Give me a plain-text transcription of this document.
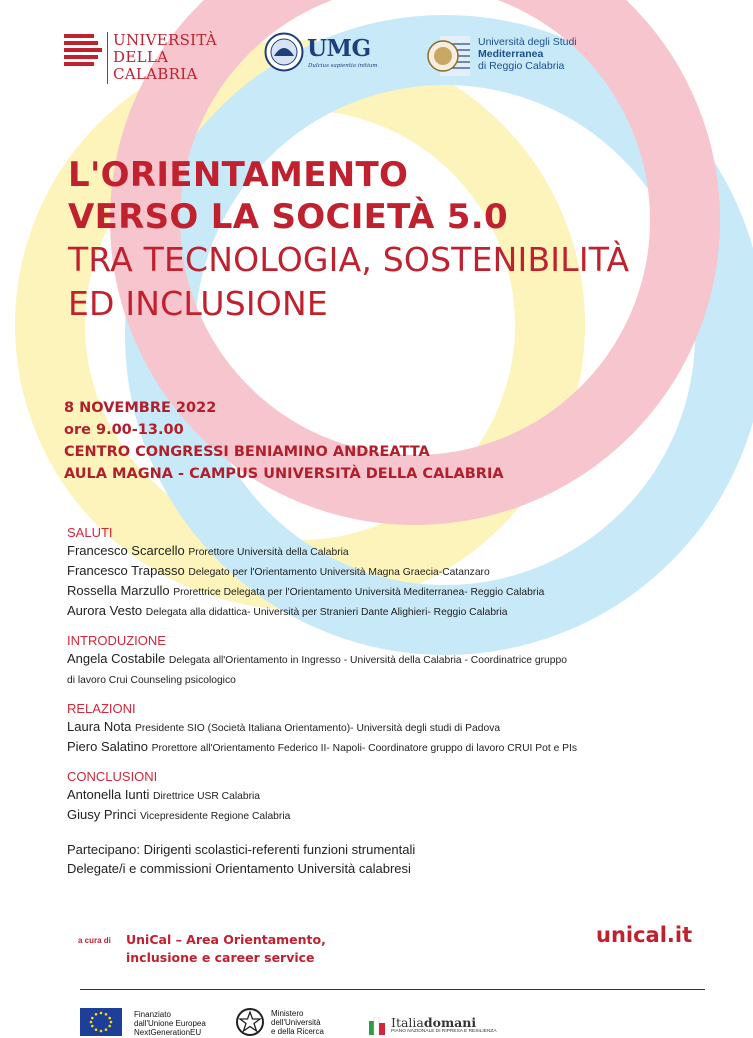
UNIVERSITÀ
DELLA
CALABRIA
UMG
Dulcius sapientia initium
Università degli Studi
Mediterranea
di Reggio Calabria
L'ORIENTAMENTO
VERSO LA SOCIETÀ 5.0
TRA TECNOLOGIA, SOSTENIBILITÀ
ED INCLUSIONE
8 NOVEMBRE 2022
ore 9.00-13.00
CENTRO CONGRESSI BENIAMINO ANDREATTA
AULA MAGNA - CAMPUS UNIVERSITÀ DELLA CALABRIA
SALUTI
Francesco Scarcello Prorettore Università della Calabria
Francesco Trapasso Delegato per l'Orientamento Università Magna Graecia-Catanzaro
Rossella Marzullo Prorettrice Delegata per l'Orientamento Università Mediterranea- Reggio Calabria
Aurora Vesto Delegata alla didattica- Università per Stranieri Dante Alighieri- Reggio Calabria
INTRODUZIONE
Angela Costabile Delegata all'Orientamento in Ingresso - Università della Calabria - Coordinatrice gruppo
di lavoro Crui Counseling psicologico
RELAZIONI
Laura Nota Presidente SIO (Società Italiana Orientamento)- Università degli studi di Padova
Piero Salatino Prorettore all'Orientamento Federico II- Napoli- Coordinatore gruppo di lavoro CRUI Pot e PIs
CONCLUSIONI
Antonella Iunti Direttrice USR Calabria
Giusy Princi Vicepresidente Regione Calabria
Partecipano: Dirigenti scolastici-referenti funzioni strumentali
Delegate/i e commissioni Orientamento Università calabresi
a cura di UniCal – Area Orientamento,
inclusione e career service
unical.it
Finanziato
dall'Unione Europea
NextGenerationEU
Ministero
dell'Università
e della Ricerca
Italiadomani
PIANO NAZIONALE DI RIPRESA E RESILIENZA
